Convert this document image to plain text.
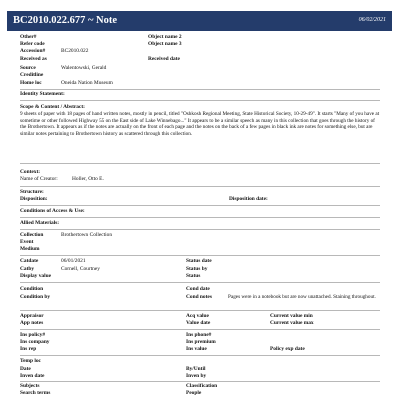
BC2010.022.677 ~ Note	06/02/2021
Other#	Object name 2
Refer code	Object name 3
Accession#	BC2010.022
Received as	Received date
Source	Walentowski, Gerald
Creditline
Home loc	Oneida Nation Museum
Identity Statement:
Scope & Content / Abstract:
9 sheets of paper with 18 pages of hand written notes, mostly in pencil, titled "Oshkosh Regional Meeting, State Historical Society, 10-29-49". It starts "Many of you have at sometime or other followed Highway 55 on the East side of Lake Winnebago..." It appears to be a similar speech as many in this collection that goes through the history of the Brothertown. It appears as if the notes are actually on the front of each page and the notes on the back of a few pages in black ink are notes for something else, but are similar notes pertaining to Brothertown history as scattered through this collection.
Context:
Name of Creator:	Holler, Otto E.
Structure:
Disposition:	Disposition date:
Conditions of Access & Use:
Allied Materials:
Collection	Brothertown Collection
Event
Medium
Catdate	06/01/2021	Status date
Catby	Cornell, Courtney	Status by
Display value	Status
Condition	Cond date
Condition by	Cond notes	Pages were in a notebook but are now unattached. Staining throughout.
Appraisor	Acq value	Current value min
App notes	Value date	Current value max
Ins policy#	Ins phone#
Ins company	Ins premium
Ins rep	Ins value	Policy exp date
Temp loc
Date	By/Until
Inven date	Inven by
Subjects	Classification
Search terms	People
